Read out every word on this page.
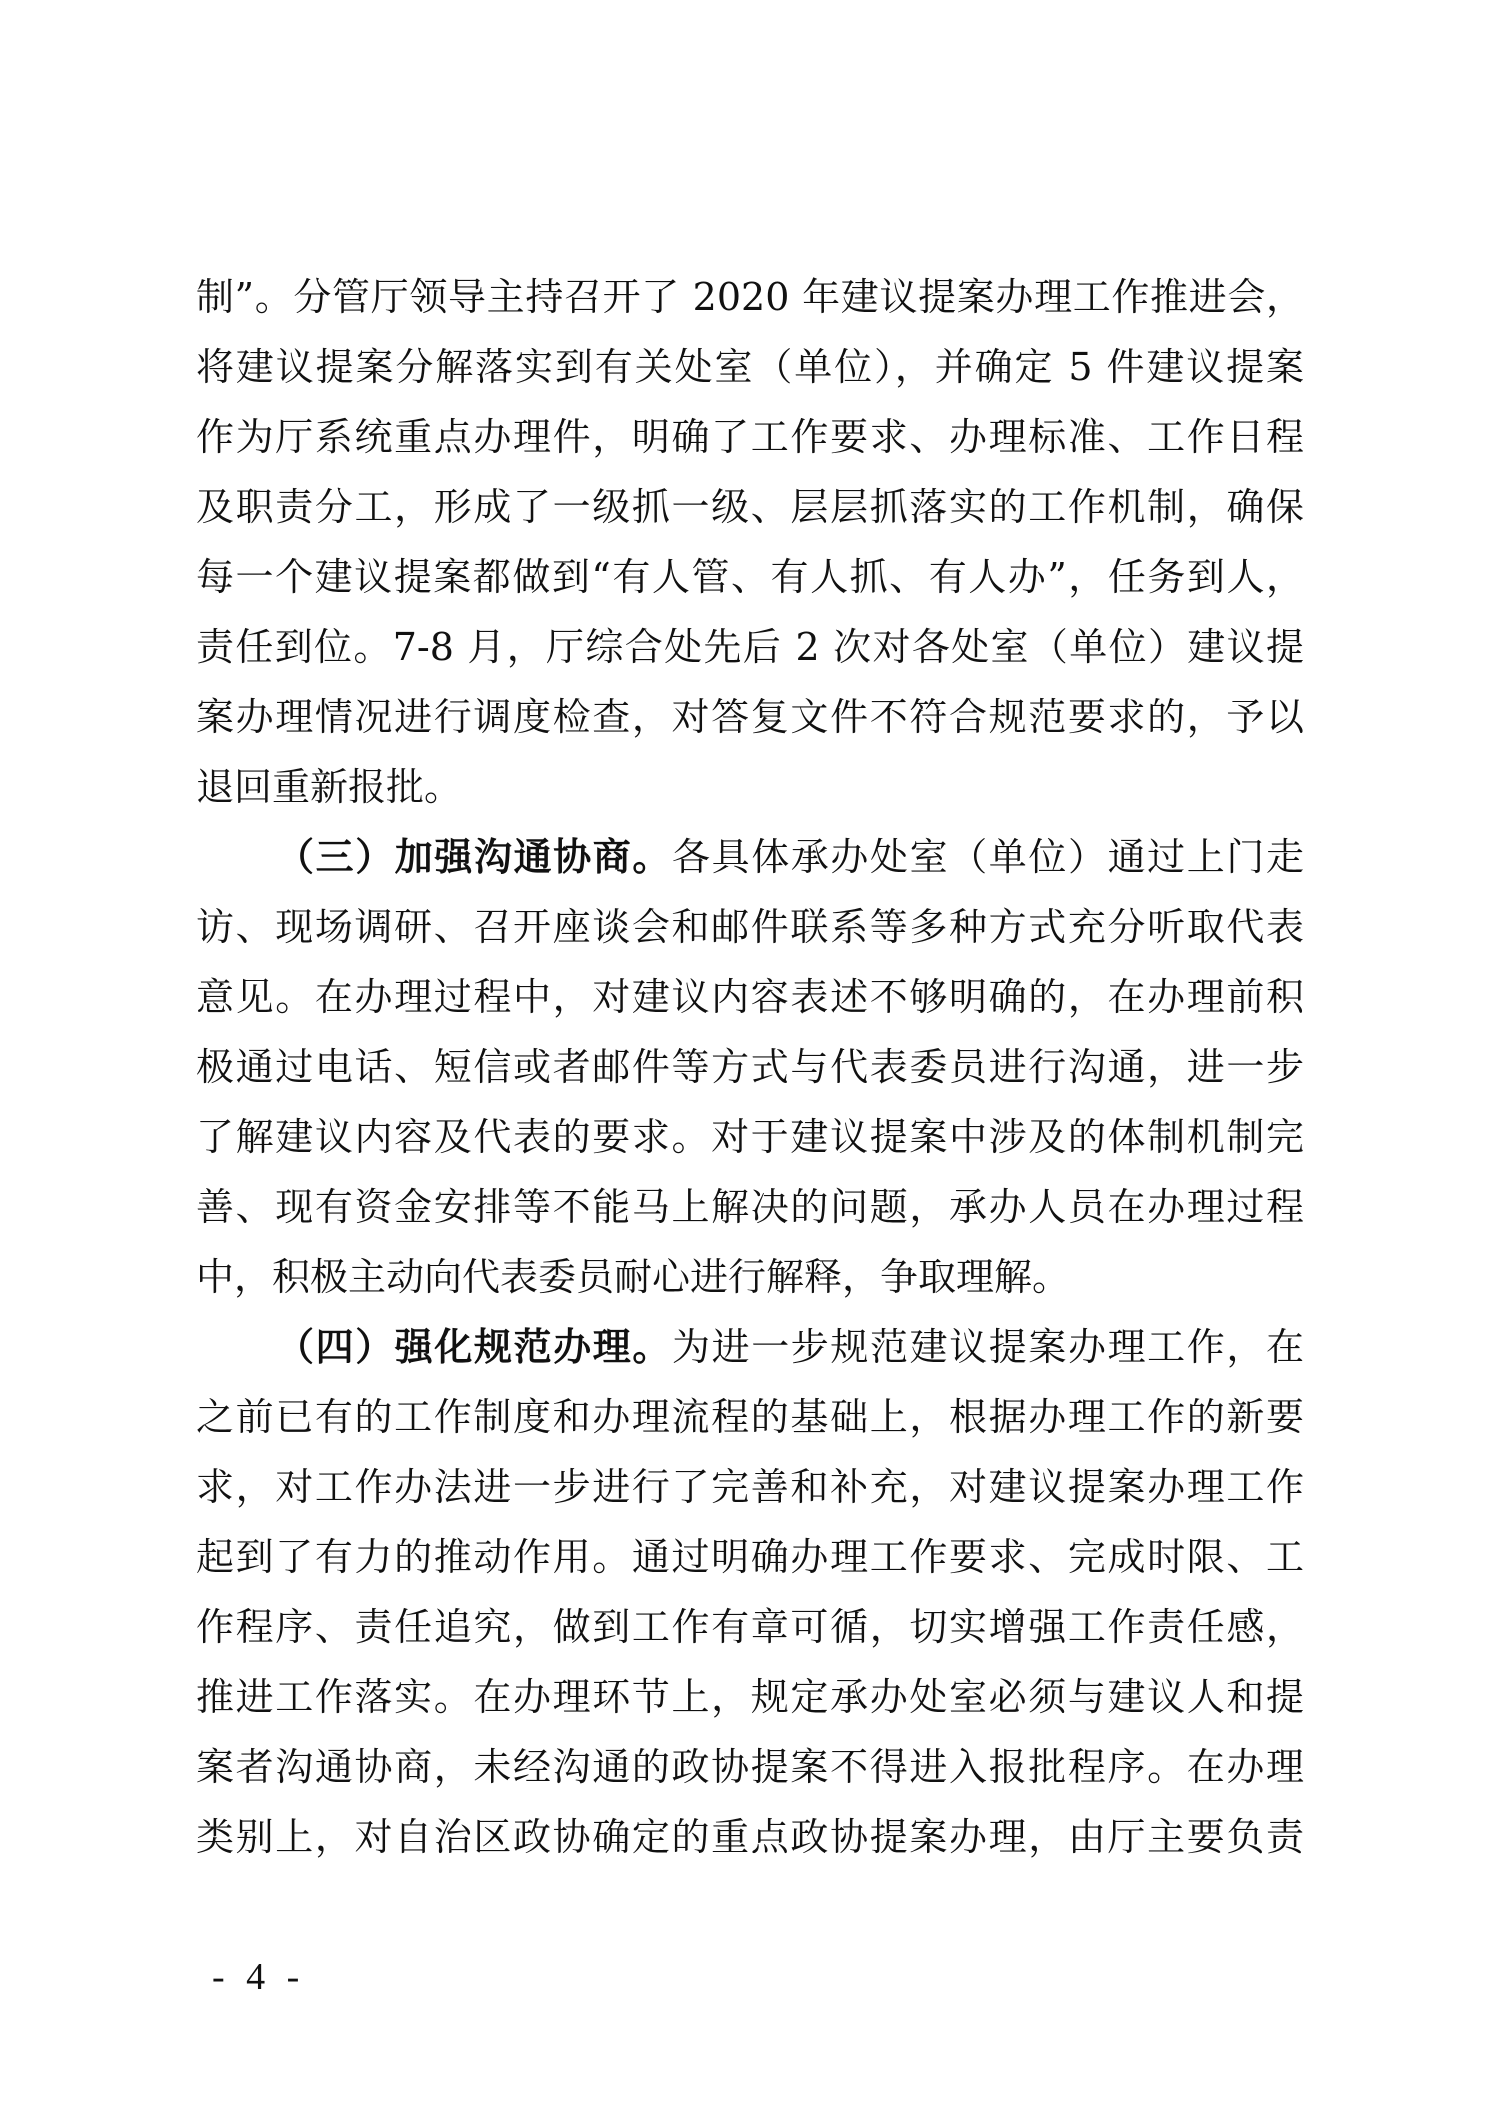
制”。分管厅领导主持召开了 2020 年建议提案办理工作推进会，
将建议提案分解落实到有关处室（单位），并确定 5 件建议提案
作为厅系统重点办理件，明确了工作要求、办理标准、工作日程
及职责分工，形成了一级抓一级、层层抓落实的工作机制，确保
每一个建议提案都做到“有人管、有人抓、有人办”，任务到人，
责任到位。7-8 月，厅综合处先后 2 次对各处室（单位）建议提
案办理情况进行调度检查，对答复文件不符合规范要求的，予以
退回重新报批。
（三）加强沟通协商。各具体承办处室（单位）通过上门走
访、现场调研、召开座谈会和邮件联系等多种方式充分听取代表
意见。在办理过程中，对建议内容表述不够明确的，在办理前积
极通过电话、短信或者邮件等方式与代表委员进行沟通，进一步
了解建议内容及代表的要求。对于建议提案中涉及的体制机制完
善、现有资金安排等不能马上解决的问题，承办人员在办理过程
中，积极主动向代表委员耐心进行解释，争取理解。
（四）强化规范办理。为进一步规范建议提案办理工作，在
之前已有的工作制度和办理流程的基础上，根据办理工作的新要
求，对工作办法进一步进行了完善和补充，对建议提案办理工作
起到了有力的推动作用。通过明确办理工作要求、完成时限、工
作程序、责任追究，做到工作有章可循，切实增强工作责任感，
推进工作落实。在办理环节上，规定承办处室必须与建议人和提
案者沟通协商，未经沟通的政协提案不得进入报批程序。在办理
类别上，对自治区政协确定的重点政协提案办理，由厅主要负责
- 4 -
